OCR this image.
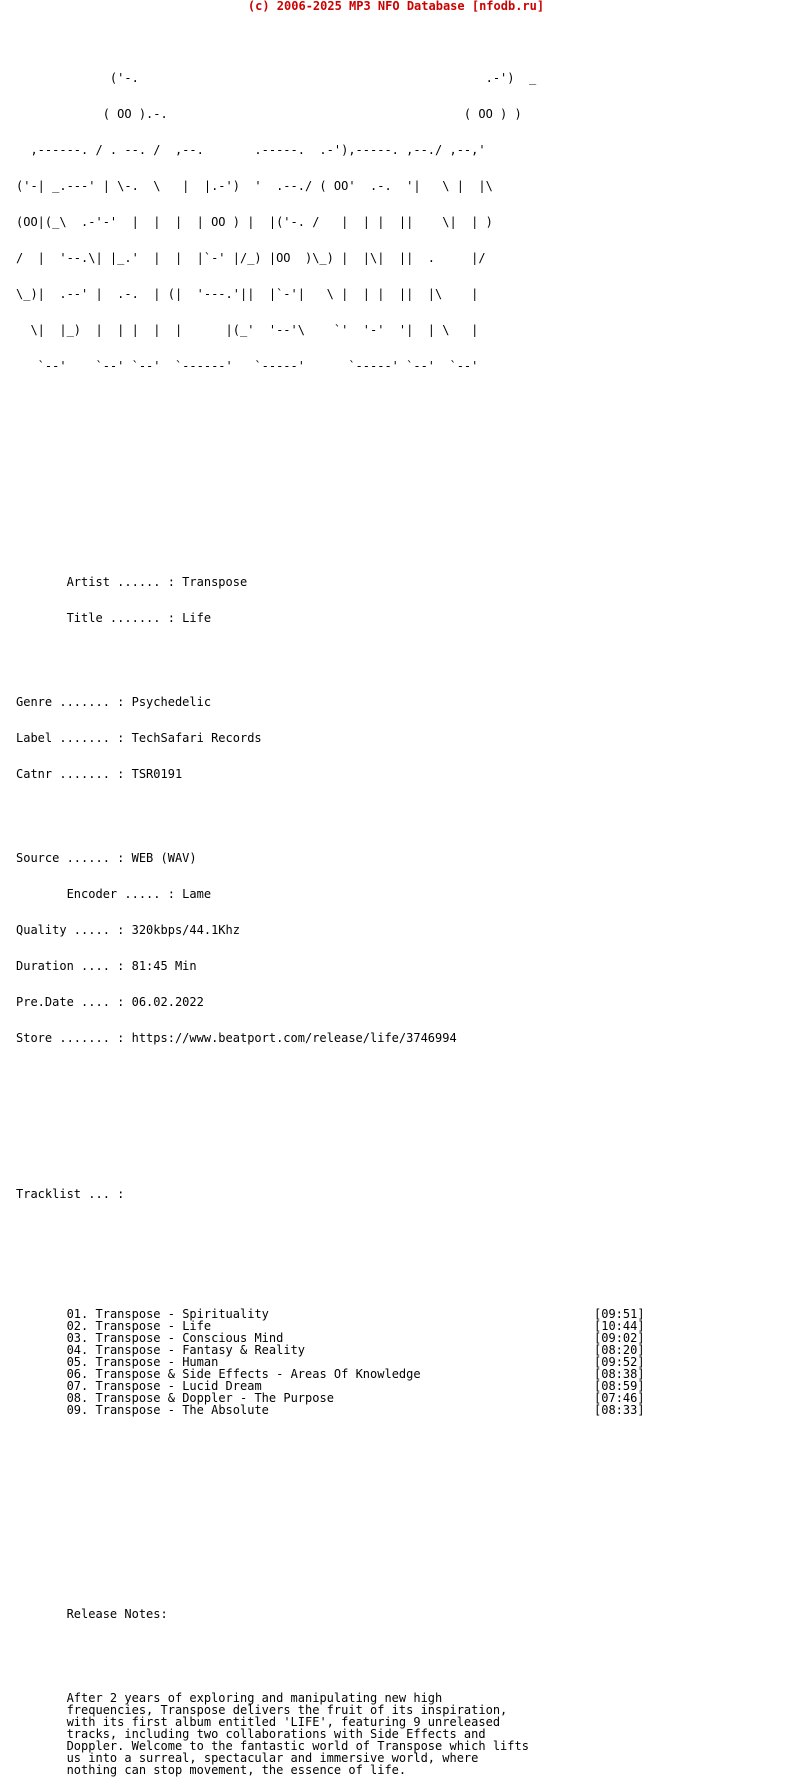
(c) 2006-2025 MP3 NFO Database [nfodb.ru]

('-.                                                .-')  _

( OO ).-.                                         ( OO ) )

,------. / . --. /  ,--.       .-----.  .-'),-----. ,--./ ,--,'

('-| _.---' | \-.  \   |  |.-')  '  .--./ ( OO'  .-.  '|   \ |  |\

(OO|(_\  .-'-'  |  |  |  | OO ) |  |('-. /   |  | |  ||    \|  | )

/  |  '--.\| |_.'  |  |  |`-' |/_) |OO  )\_) |  |\|  ||  .     |/

\_)|  .--' |  .-.  | (|  '---.'||  |`-'|   \ |  | |  ||  |\    |

\|  |_)  |  | |  |  |      |(_'  '--'\    `'  '-'  '|  | \   |

`--'    `--' `--'  `------'   `-----'      `-----' `--'  `--'

Artist ...... : Transpose

Title ....... : Life

Genre ....... : Psychedelic

Label ....... : TechSafari Records

Catnr ....... : TSR0191

Source ...... : WEB (WAV)

Encoder ..... : Lame

Quality ..... : 320kbps/44.1Khz

Duration .... : 81:45 Min

Pre.Date .... : 06.02.2022

Store ....... : https://www.beatport.com/release/life/3746994

Tracklist ... :

01. Transpose - Spirituality	[09:51]
02. Transpose - Life	[10:44]
03. Transpose - Conscious Mind	[09:02]
04. Transpose - Fantasy & Reality	[08:20]
05. Transpose - Human	[09:52]
06. Transpose & Side Effects - Areas Of Knowledge	[08:38]
07. Transpose - Lucid Dream	[08:59]
08. Transpose & Doppler - The Purpose	[07:46]
09. Transpose - The Absolute	[08:33]

Release Notes:

After 2 years of exploring and manipulating new high
frequencies, Transpose delivers the fruit of its inspiration,
with its first album entitled 'LIFE', featuring 9 unreleased
tracks, including two collaborations with Side Effects and
Doppler. Welcome to the fantastic world of Transpose which lifts
us into a surreal, spectacular and immersive world, where
nothing can stop movement, the essence of life.
